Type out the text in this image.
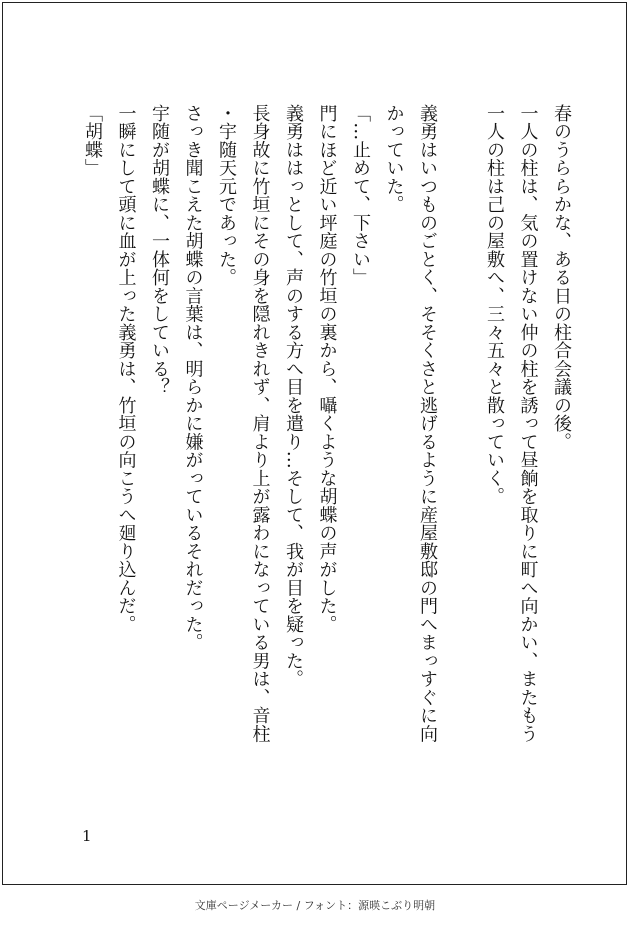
春のうららかな、ある日の柱合会議の後。

一人の柱は、気の置けない仲の柱を誘って昼餉を取りに町へ向かい、またもう

一人の柱は己の屋敷へ、三々五々と散っていく。

義勇はいつものごとく、そそくさと逃げるように産屋敷邸の門へまっすぐに向

かっていた。

「…止めて、下さい」

門にほど近い坪庭の竹垣の裏から、囁くような胡蝶の声がした。

義勇ははっとして、声のする方へ目を遣り…そして、我が目を疑った。

長身故に竹垣にその身を隠れきれず、肩より上が露わになっている男は、音柱

・宇随天元であった。

さっき聞こえた胡蝶の言葉は、明らかに嫌がっているそれだった。

宇随が胡蝶に、一体何をしている？

一瞬にして頭に血が上った義勇は、竹垣の向こうへ廻り込んだ。

「胡蝶」

1
文庫ページメーカー / フォント：源暎こぶり明朝
